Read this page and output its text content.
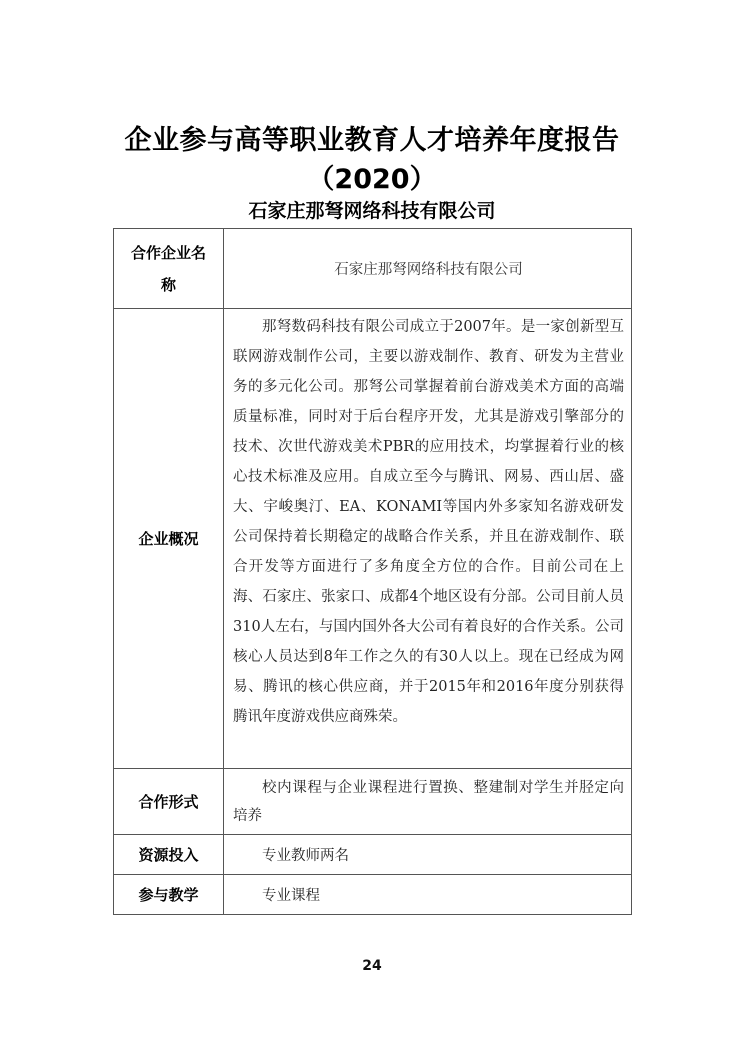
企业参与高等职业教育人才培养年度报告
（2020）
石家庄那弩网络科技有限公司
合作企业名称	石家庄那弩网络科技有限公司
企业概况	那弩数码科技有限公司成立于2007年。是一家创新型互联网游戏制作公司，主要以游戏制作、教育、研发为主营业务的多元化公司。那弩公司掌握着前台游戏美术方面的高端质量标准，同时对于后台程序开发，尤其是游戏引擎部分的技术、次世代游戏美术PBR的应用技术，均掌握着行业的核心技术标准及应用。自成立至今与腾讯、网易、西山居、盛大、宇峻奥汀、EA、KONAMI等国内外多家知名游戏研发公司保持着长期稳定的战略合作关系，并且在游戏制作、联合开发等方面进行了多角度全方位的合作。目前公司在上海、石家庄、张家口、成都4个地区设有分部。公司目前人员310人左右，与国内国外各大公司有着良好的合作关系。公司核心人员达到8年工作之久的有30人以上。现在已经成为网易、腾讯的核心供应商，并于2015年和2016年度分别获得腾讯年度游戏供应商殊荣。
合作形式	校内课程与企业课程进行置换、整建制对学生并胫定向培养
资源投入	专业教师两名
参与教学	专业课程
24
